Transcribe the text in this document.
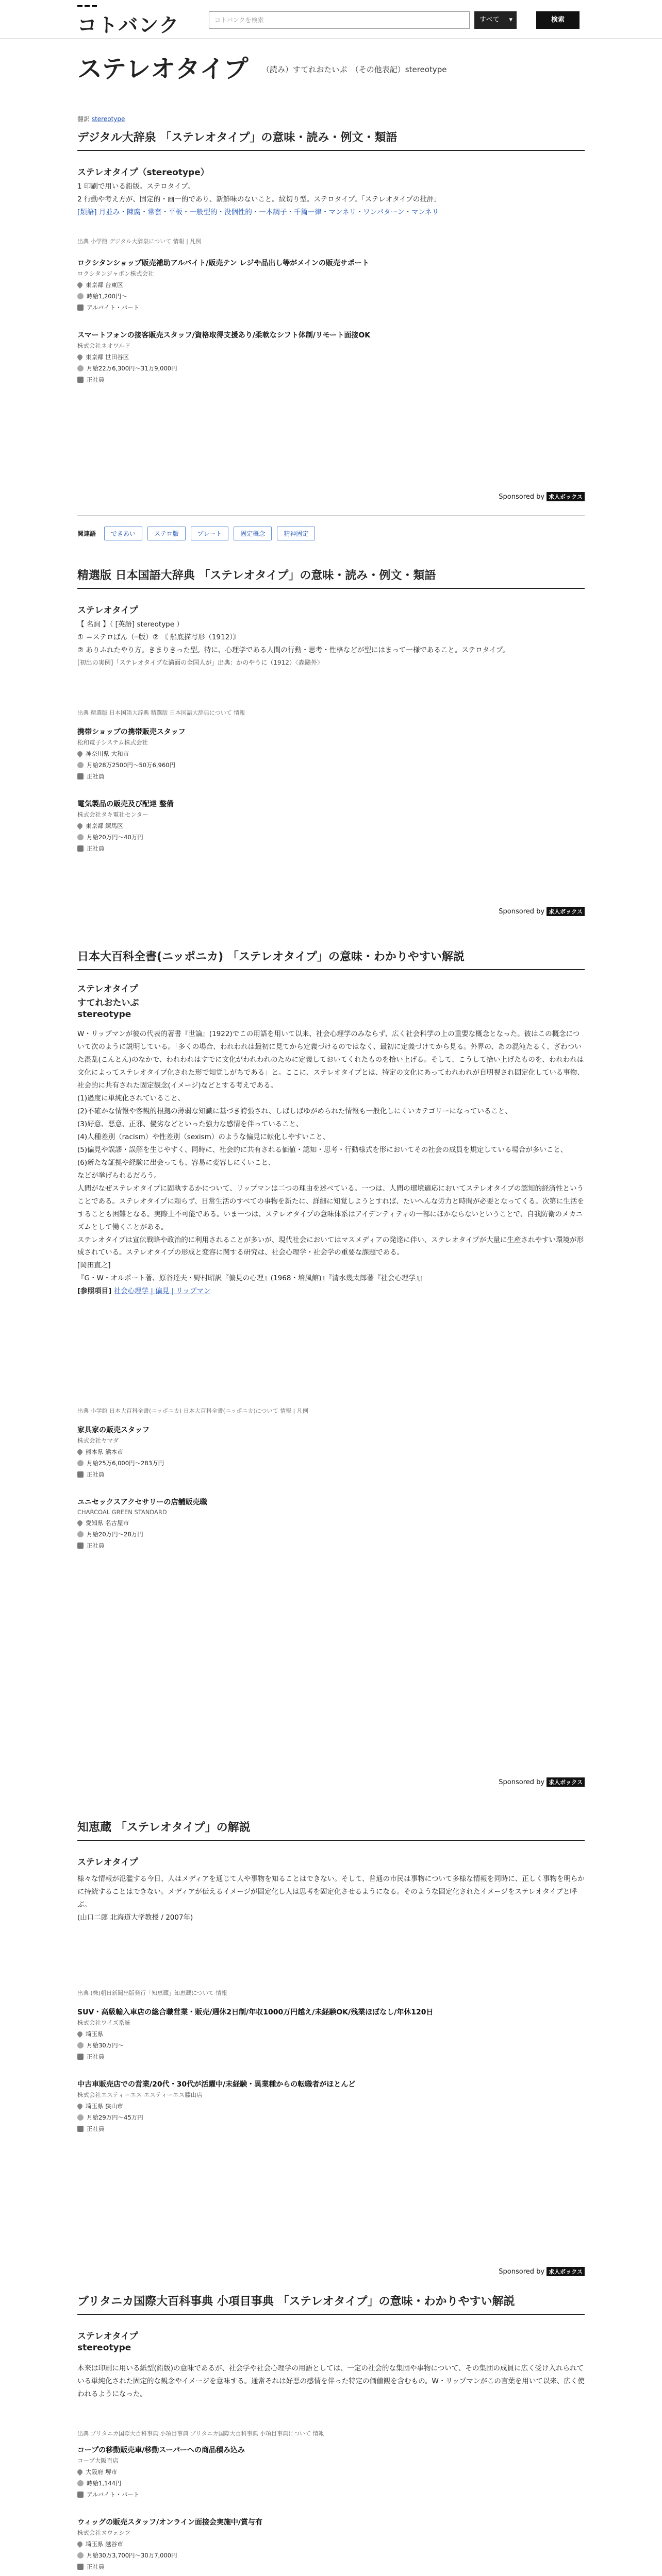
コトバンク	コトバンクを検索	すべて ▾	検索
ステレオタイプ （読み）すてれおたいぷ　（その他表記）stereotype
翻訳 stereotype
デジタル大辞泉 「ステレオタイプ」の意味・読み・例文・類語
ステレオタイプ（stereotype）
1 印刷で用いる鉛版。ステロタイプ。
2 行動や考え方が、固定的・画一的であり、新鮮味のないこと。紋切り型。ステロタイプ。「ステレオタイプの批評」
[類語] 月並み・陳腐・常套・平板・一般型的・没個性的・一本調子・千篇一律・マンネリ・ワンパターン・マンネリ
出典 小学館 デジタル大辞泉について 情報 | 凡例
ロクシタンショップ販売補助アルバイト/販売テン レジや品出し等がメインの販売サポート
ロクシタンジャポン株式会社
東京都 台東区
時給1,200円〜
アルバイト・パート
スマートフォンの接客販売スタッフ/資格取得支援あり/柔軟なシフト体制/リモート面接OK
株式会社ネオワルド
東京都 世田谷区
月給22万6,300円〜31万9,000円
正社員
Sponsored by 求人ボックス
関連語	できあい	ステロ版	プレート	固定概念	精神固定
精選版 日本国語大辞典 「ステレオタイプ」の意味・読み・例文・類語
ステレオタイプ
【 名詞 】（ [英語] stereotype ）
① ＝ステロばん（─版）② 〘 船底描写形（1912）〙
② ありふれたやり方。きまりきった型。特に、心理学である人間の行動・思考・性格などが型にはまって一様であること。ステロタイプ。
[初出の実例]「ステレオタイプな満面の全国人が」出典：かのやうに（1912）〈森鷗外〉
出典 精選版 日本国語大辞典 精選版 日本国語大辞典について 情報
携帯ショップの携帯販売スタッフ
松和電子システム株式会社
神奈川県 大和市
月給28万2500円〜50万6,960円
正社員
電気製品の販売及び配達 整備
株式会社タキ電社センター
東京都 練馬区
月給20万円〜40万円
正社員
Sponsored by 求人ボックス
日本大百科全書(ニッポニカ) 「ステレオタイプ」の意味・わかりやすい解説
ステレオタイプ
すてれおたいぷ
stereotype
W・リップマンが彼の代表的著書『世論』(1922)でこの用語を用いて以来、社会心理学のみならず、広く社会科学の上の重要な概念となった。彼はこの概念について次のように説明している。「多くの場合、われわれは最初に見てから定義づけるのではなく、最初に定義づけてから見る。外界の、あの混沌たるく、ざわついた混乱(こんとん)のなかで、われわれはすでに文化がわれわれのために定義しておいてくれたものを拾い上げる。そして、こうして拾い上げたものを、われわれは文化によってステレオタイプ化された形で知覚しがちである」と。ここに、ステレオタイプとは、特定の文化にあってわれわれが自明視され固定化している事物、社会的に共有された固定観念(イメージ)などとする考えである。
(1)過度に単純化されていること、
(2)不確かな情報や客観的根拠の薄弱な知識に基づき誇張され、しばしばゆがめられた情報も一般化しにくいカテゴリーになっていること、
(3)好意、悪意、正邪、優劣などといった強力な感情を伴っていること、
(4)人種差別（racism）や性差別（sexism）のような偏見に転化しやすいこと、
(5)偏見や誤謬・誤解を生じやすく、同時に、社会的に共有される価値・認知・思考・行動様式を形においてその社会の成員を規定している場合が多いこと、
(6)新たな証拠や経験に出会っても、容易に変容しにくいこと、
などが挙げられるだろう。
人間がなぜステレオタイプに固執するかについて、リップマンは二つの理由を述べている。一つは、人間の環境適応においてステレオタイプの認知的経済性ということである。ステレオタイプに頼らず、日常生活のすべての事物を新たに、詳細に知覚しようとすれば、たいへんな労力と時間が必要となってくる。次第に生活をすることも困難となる。実際上不可能である。いま一つは、ステレオタイプの意味体系はアイデンティティの一部にほかならないということで、自我防衛のメカニズムとして働くことがある。
ステレオタイプは宣伝戦略や政治的に利用されることが多いが、現代社会においてはマスメディアの発達に伴い、ステレオタイプが大量に生産されやすい環境が形成されている。ステレオタイプの形成と変容に関する研究は、社会心理学・社会学の重要な課題である。
[岡田直之]
『G・W・オルポート著、原谷達夫・野村昭訳『偏見の心理』(1968・培風館)』『清水幾太郎著『社会心理学』』
[参照項目] 社会心理学 | 偏見 | リップマン
出典 小学館 日本大百科全書(ニッポニカ) 日本大百科全書(ニッポニカ)について 情報 | 凡例
家具家の販売スタッフ
株式会社ヤマダ
熊本県 熊本市
月給25万6,000円〜283万円
正社員
ユニセックスアクセサリーの店舗販売職
CHARCOAL GREEN STANDARD
愛知県 名古屋市
月給20万円〜28万円
正社員
Sponsored by 求人ボックス
知恵蔵 「ステレオタイプ」の解説
ステレオタイプ
様々な情報が氾濫する今日、人はメディアを通じて人や事物を知ることはできない。そして、普通の市民は事物について多様な情報を同時に、正しく事物を明らかに持続することはできない。メディアが伝えるイメージが固定化し人は思考を固定化させるようになる。そのような固定化されたイメージをステレオタイプと呼ぶ。
(山口二郎 北海道大学教授 / 2007年)
出典 (株)朝日新聞出版発行「知恵蔵」知恵蔵について 情報
SUV・高級輸入車店の総合職営業・販売/週休2日制/年収1000万円越え/未経験OK/残業ほぼなし/年休120日
株式会社ワイズ系統
埼玉県
月給30万円〜
正社員
中古車販売店での営業/20代・30代が活躍中/未経験・異業種からの転職者がほとんど
株式会社エスティーエス エスティーエス藤山店
埼玉県 狭山市
月給29万円〜45万円
正社員
Sponsored by 求人ボックス
ブリタニカ国際大百科事典 小項目事典 「ステレオタイプ」の意味・わかりやすい解説
ステレオタイプ
stereotype
本来は印刷に用いる紙型(鉛版)の意味であるが、社会学や社会心理学の用語としては、一定の社会的な集団や事物について、その集団の成員に広く受け入れられている単純化された固定的な観念やイメージを意味する。通常それは好悪の感情を伴った特定の価値観を含むもの。W・リップマンがこの言葉を用いて以来、広く使われるようになった。
出典 ブリタニカ国際大百科事典 小項目事典 ブリタニカ国際大百科事典 小項目事典について 情報
コープの移動販売車/移動スーパーへの商品積み込み
コープ大阪百店
大阪府 堺市
時給1,144円
アルバイト・パート
ウィッグの販売スタッフ/オンライン面接会実施中/賞与有
株式会社ヌウェシフ
埼玉県 越谷市
月給30万3,700円〜30万7,000円
正社員
